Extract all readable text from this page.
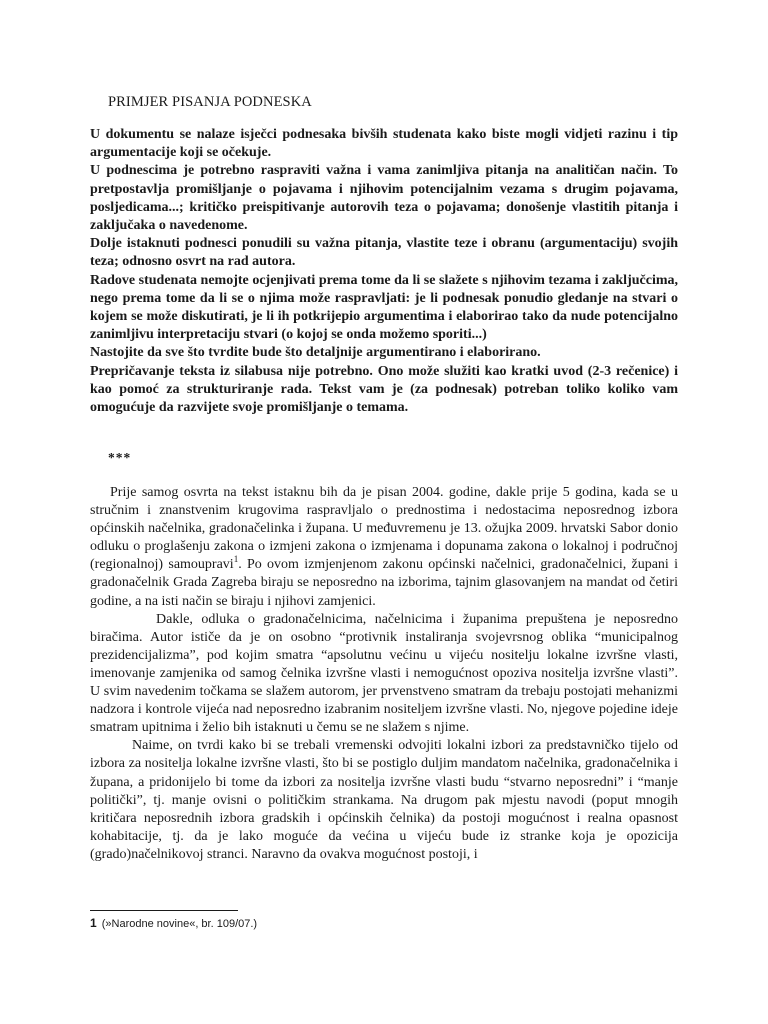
PRIMJER PISANJA PODNESKA

U dokumentu se nalaze isječci podnesaka bivših studenata kako biste mogli vidjeti razinu i tip argumentacije koji se očekuje.

U podnescima je potrebno raspraviti važna i vama zanimljiva pitanja na analitičan način. To pretpostavlja promišljanje o pojavama i njihovim potencijalnim vezama s drugim pojavama, posljedicama...; kritičko preispitivanje autorovih teza o pojavama; donošenje vlastitih pitanja i zaključaka o navedenome.

Dolje istaknuti podnesci ponudili su važna pitanja, vlastite teze i obranu (argumentaciju) svojih teza; odnosno osvrt na rad autora.

Radove studenata nemojte ocjenjivati prema tome da li se slažete s njihovim tezama i zaključcima, nego prema tome da li se o njima može raspravljati: je li podnesak ponudio gledanje na stvari o kojem se može diskutirati, je li ih potkrijepio argumentima i elaborirao tako da nude potencijalno zanimljivu interpretaciju stvari (o kojoj se onda možemo sporiti...)

Nastojite da sve što tvrdite bude što detaljnije argumentirano i elaborirano.

Prepričavanje teksta iz silabusa nije potrebno. Ono može služiti kao kratki uvod (2-3 rečenice) i kao pomoć za strukturiranje rada. Tekst vam je (za podnesak) potreban toliko koliko vam omogućuje da razvijete svoje promišljanje o temama.

***

Prije samog osvrta na tekst istaknu bih da je pisan 2004. godine, dakle prije 5 godina, kada se u stručnim i znanstvenim krugovima raspravljalo o prednostima i nedostacima neposrednog izbora općinskih načelnika, gradonačelinka i župana. U međuvremenu je 13. ožujka 2009. hrvatski Sabor donio odluku o proglašenju zakona o izmjeni zakona o izmjenama i dopunama zakona o lokalnoj i područnoj (regionalnoj) samoupravi$^1$. Po ovom izmjenjenom zakonu općinski načelnici, gradonačelnici, župani i gradonačelnik Grada Zagreba biraju se neposredno na izborima, tajnim glasovanjem na mandat od četiri godine, a na isti način se biraju i njihovi zamjenici.

Dakle, odluka o gradonačelnicima, načelnicima i županima prepuštena je neposredno biračima. Autor ističe da je on osobno “protivnik instaliranja svojevrsnog oblika “municipalnog prezidencijalizma”, pod kojim smatra “apsolutnu većinu u vijeću nositelju lokalne izvršne vlasti, imenovanje zamjenika od samog čelnika izvršne vlasti i nemogućnost opoziva nositelja izvršne vlasti”. U svim navedenim točkama se slažem autorom, jer prvenstveno smatram da trebaju postojati mehanizmi nadzora i kontrole vijeća nad neposredno izabranim nositeljem izvršne vlasti. No, njegove pojedine ideje smatram upitnima i želio bih istaknuti u čemu se ne slažem s njime.

Naime, on tvrdi kako bi se trebali vremenski odvojiti lokalni izbori za predstavničko tijelo od izbora za nositelja lokalne izvršne vlasti, što bi se postiglo duljim mandatom načelnika, gradonačelnika i župana, a pridonijelo bi tome da izbori za nositelja izvršne vlasti budu “stvarno neposredni” i “manje politički”, tj. manje ovisni o političkim strankama. Na drugom pak mjestu navodi (poput mnogih kritičara neposrednih izbora gradskih i općinskih čelnika) da postoji mogućnost i realna opasnost kohabitacije, tj. da je lako moguće da većina u vijeću bude iz stranke koja je opozicija (grado)načelnikovoj stranci. Naravno da ovakva mogućnost postoji, i

1 (»Narodne novine«, br. 109/07.)
